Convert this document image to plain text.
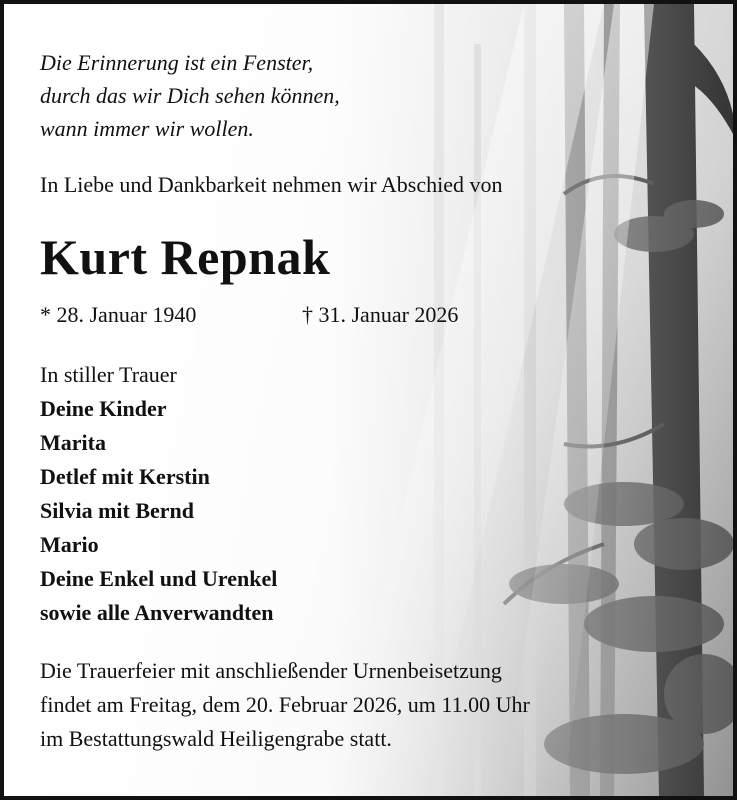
Die Erinnerung ist ein Fenster,
durch das wir Dich sehen können,
wann immer wir wollen.

In Liebe und Dankbarkeit nehmen wir Abschied von
Kurt Repnak
* 28. Januar 1940	† 31. Januar 2026
In stiller Trauer
Deine Kinder
Marita
Detlef mit Kerstin
Silvia mit Bernd
Mario
Deine Enkel und Urenkel
sowie alle Anverwandten

Die Trauerfeier mit anschließender Urnenbeisetzung
findet am Freitag, dem 20. Februar 2026, um 11.00 Uhr
im Bestattungswald Heiligengrabe statt.
